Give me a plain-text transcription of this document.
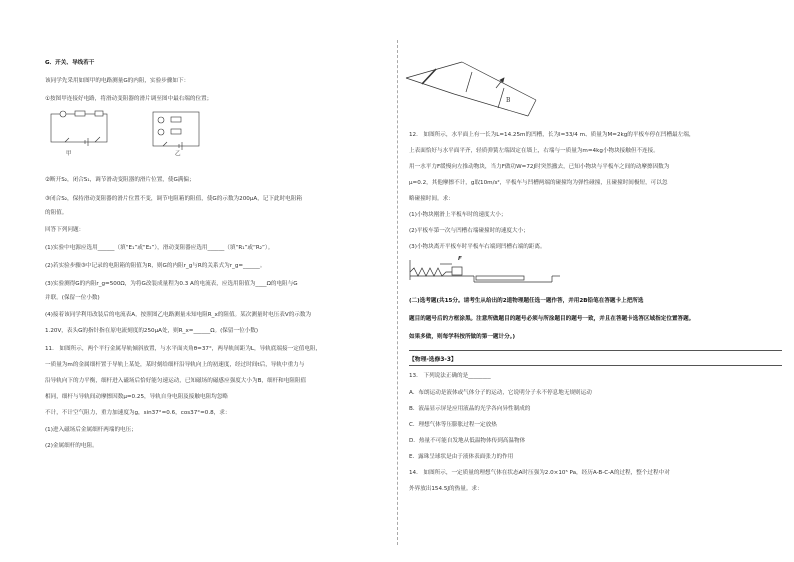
G．开关、导线若干
该同学先采用如图甲的电路测量G的内阻，实验步骤如下：
①按图甲连接好电路，将滑动变阻器的滑片调至图中最右端的位置；
甲	乙
②断开S₂，闭合S₁，调节滑动变阻器的滑片位置，使G满偏；
③闭合S₂，保持滑动变阻器的滑片位置不变，调节电阻箱的阻值，使G的示数为200μA，记下此时电阻箱
的阻值。
回答下列问题：
(1)实验中电源应选用______（填“E₁”或“E₂”），滑动变阻器应选用______（填“R₁”或“R₂”）。
(2)若实验步骤③中记录的电阻箱的阻值为R，则G的内阻r_g与R的关系式为r_g=______。
(3)实验测得G的内阻r_g=500Ω，为将G改装成量程为0.3 A的电流表，应选用阻值为____Ω的电阻与G
并联。(保留一位小数)
(4)接着该同学利用改装后的电流表A，按照图乙电路测量未知电阻R_x的阻值。某次测量时电压表V的示数为
1.20V，表头G的指针指在原电流刻度的250μA处，则R_x=______Ω。(保留一位小数)
11． 如图所示，两个平行金属导轨倾斜放置，与水平面夹角θ=37°，两导轨间距为L，导轨底端接一定值电阻，
一质量为m的金属细杆置于导轨上某处，某时刻给细杆沿导轨向上的初速度，经过时间t后，导轨中重力与
沿导轨向下的力平衡，细杆进入磁场后恰好能匀速运动，已知磁场的磁感应强度大小为B，细杆和电阻阻值
相同，细杆与导轨间动摩擦因数μ=0.25，导轨自身电阻及接触电阻均忽略
不计，不计空气阻力，重力加速度为g，sin37°=0.6，cos37°=0.8，求：
(1)进入磁场后金属细杆两端的电压；
(2)金属细杆的电阻。
B
12． 如图所示，水平面上有一长为L=14.25m的凹槽，长为l=33/4 m、质量为M=2kg的平板车停在凹槽最左端，
上表面恰好与水平面平齐，轻质弹簧左端固定在墙上，右端与一质量为m=4kg小物块接触但不连接。
用一水平力F缓慢向左推动物块，当力F做功W=72J时突然撤去，已知小物块与平板车之间的动摩擦因数为
μ=0.2，其他摩擦不计，g取10m/s²，平板车与凹槽两端的碰撞均为弹性碰撞，且碰撞时间极短，可以忽
略碰撞时间。求：
(1)小物块刚滑上平板车时的速度大小；
(2)平板车第一次与凹槽右端碰撞时的速度大小；
(3)小物块离开平板车时平板车右端到凹槽右端的距离。
F
(二)选考题(共15分。请考生从给出的2道物理题任选一题作答，并用2B铅笔在答题卡上把所选
题目的题号后的方框涂黑。注意所做题目的题号必须与所涂题目的题号一致，并且在答题卡选答区域指定位置答题。
如果多做，则每学科按所做的第一题计分。)
【物理-选修3-3】
13． 下列说法正确的是________
A．布朗运动是液体或气体分子的运动，它说明分子永不停息地无规则运动
B．液晶显示屏是应用液晶的光学各向异性制成的
C．理想气体等压膨胀过程一定放热
D．热量不可能自发地从低温物体传到高温物体
E．露珠呈球状是由于液体表面张力的作用
14． 如图所示，一定质量的理想气体在状态A时压强为2.0×10⁵ Pa，经历A-B-C-A的过程，整个过程中对
外界放出154.5J的热量。求：
